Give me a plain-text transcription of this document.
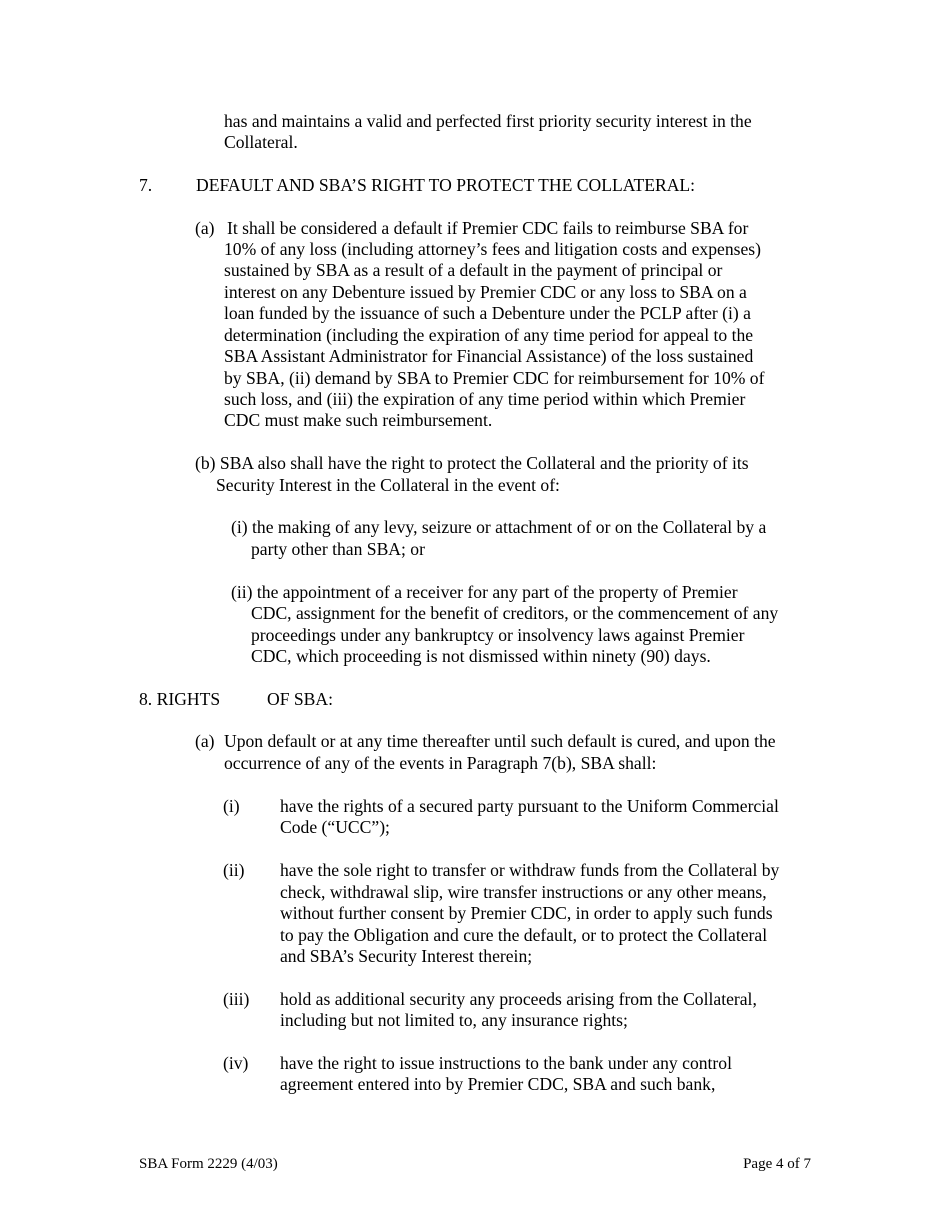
has and maintains a valid and perfected first priority security interest in the
Collateral.
7. DEFAULT AND SBA’S RIGHT TO PROTECT THE COLLATERAL:
(a) It shall be considered a default if Premier CDC fails to reimburse SBA for
10% of any loss (including attorney’s fees and litigation costs and expenses)
sustained by SBA as a result of a default in the payment of principal or
interest on any Debenture issued by Premier CDC or any loss to SBA on a
loan funded by the issuance of such a Debenture under the PCLP after (i) a
determination (including the expiration of any time period for appeal to the
SBA Assistant Administrator for Financial Assistance) of the loss sustained
by SBA, (ii) demand by SBA to Premier CDC for reimbursement for 10% of
such loss, and (iii) the expiration of any time period within which Premier
CDC must make such reimbursement.
(b) SBA also shall have the right to protect the Collateral and the priority of its
Security Interest in the Collateral in the event of:
(i) the making of any levy, seizure or attachment of or on the Collateral by a
party other than SBA; or
(ii) the appointment of a receiver for any part of the property of Premier
CDC, assignment for the benefit of creditors, or the commencement of any
proceedings under any bankruptcy or insolvency laws against Premier
CDC, which proceeding is not dismissed within ninety (90) days.
8. RIGHTS	OF SBA:
(a) Upon default or at any time thereafter until such default is cured, and upon the
occurrence of any of the events in Paragraph 7(b), SBA shall:
(i) have the rights of a secured party pursuant to the Uniform Commercial
Code (“UCC”);
(ii) have the sole right to transfer or withdraw funds from the Collateral by
check, withdrawal slip, wire transfer instructions or any other means,
without further consent by Premier CDC, in order to apply such funds
to pay the Obligation and cure the default, or to protect the Collateral
and SBA’s Security Interest therein;
(iii) hold as additional security any proceeds arising from the Collateral,
including but not limited to, any insurance rights;
(iv) have the right to issue instructions to the bank under any control
agreement entered into by Premier CDC, SBA and such bank,
SBA Form 2229 (4/03)	Page 4 of 7
